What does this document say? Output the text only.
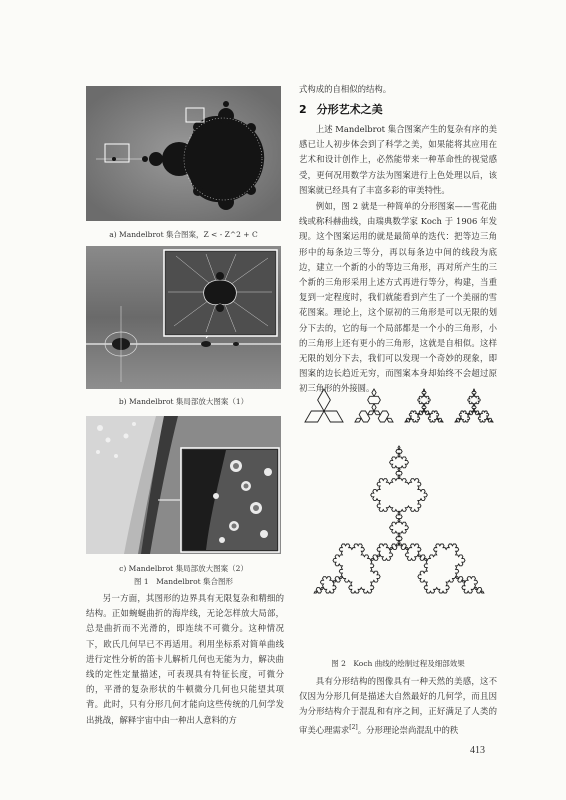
a) Mandelbrot 集合图案，Z < - Z^2 + C
b) Mandelbrot 集局部放大图案（1）
c) Mandelbrot 集局部放大图案（2）
图 1　Mandelbrot 集合图形

另一方面，其图形的边界具有无限复杂和精细的结构。正如蜿蜒曲折的海岸线，无论怎样放大局部，总是曲折而不光滑的，即连续不可微分。这种情况下，欧氏几何早已不再适用。利用坐标系对简单曲线进行定性分析的笛卡儿解析几何也无能为力，解决曲线的定性定量描述，可表现具有特征长度，可微分的，平滑的复杂形状的牛顿微分几何也只能望其项背。此时，只有分形几何才能向这些传统的几何学发出挑战，解释宇宙中由一种出人意料的方

式构成的自相似的结构。

2 分形艺术之美

上述 Mandelbrot 集合图案产生的复杂有序的美感已让人初步体会到了科学之美，如果能将其应用在艺术和设计创作上，必然能带来一种革命性的视觉感受，更何况用数学方法为图案进行上色处理以后，该图案就已经具有了丰富多彩的审美特性。

例如，图 2 就是一种简单的分形图案——雪花曲线或称科赫曲线，由瑞典数学家 Koch 于 1906 年发现。这个图案运用的就是最简单的迭代：把等边三角形中的每条边三等分，再以每条边中间的线段为底边，建立一个新的小的等边三角形，再对所产生的三个新的三角形采用上述方式再进行等分，构建，当重复到一定程度时，我们就能看到产生了一个美丽的雪花图案。理论上，这个原初的三角形是可以无限的划分下去的，它的每一个局部都是一个小的三角形，小的三角形上还有更小的三角形，这就是自相似。这样无限的划分下去，我们可以发现一个奇妙的现象，即图案的边长趋近无穷，而图案本身却始终不会超过原初三角形的外接圆。

图 2　Koch 曲线的绘制过程及细部效果

具有分形结构的图像具有一种天然的美感，这不仅因为分形几何是描述大自然最好的几何学，而且因为分形结构介于混乱和有序之间，正好满足了人类的审美心理需求[2]。分形理论崇尚混乱中的秩

413
